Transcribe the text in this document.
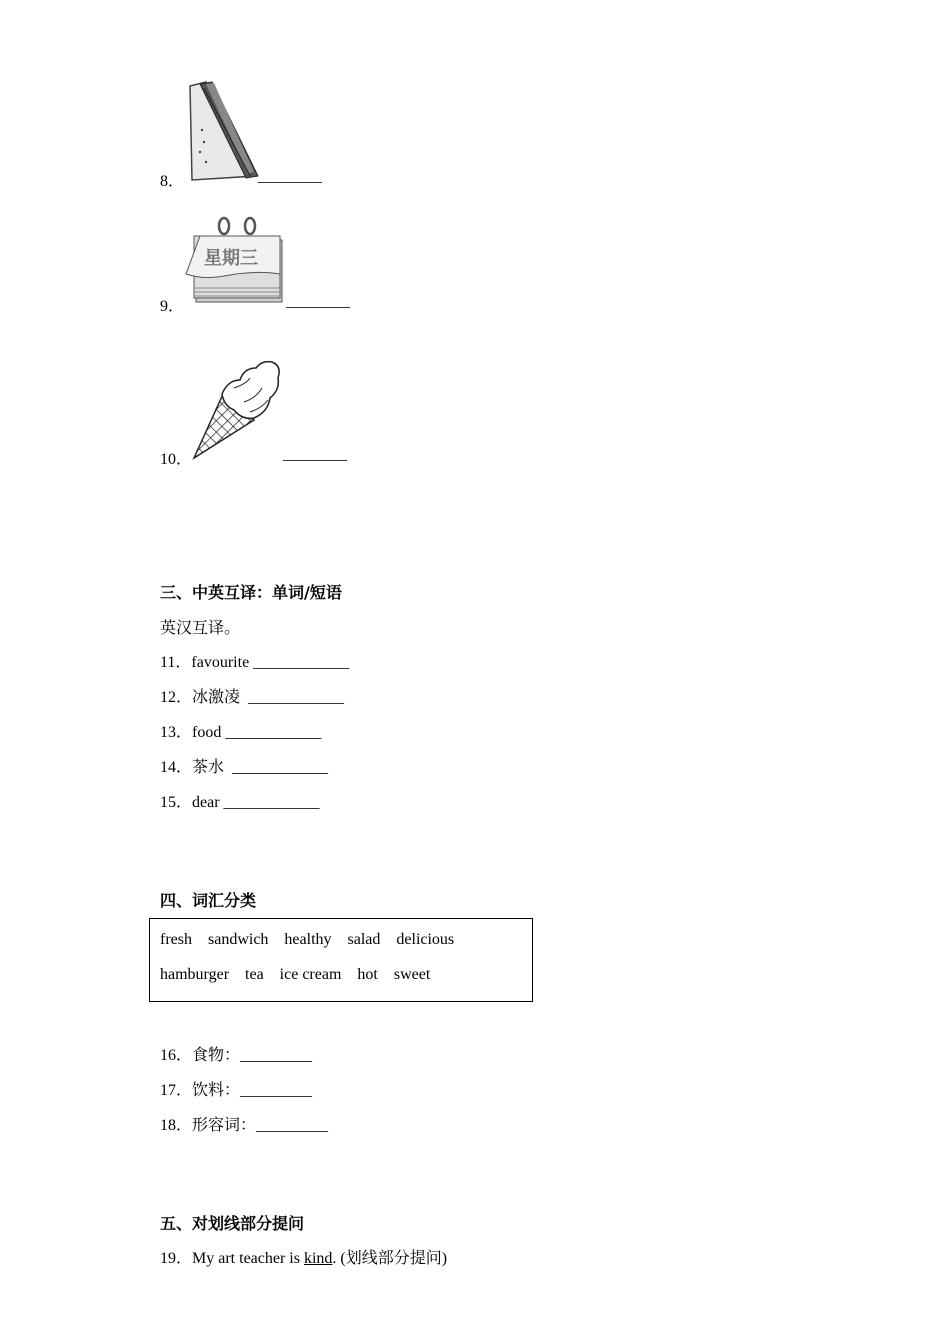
8．	________
星期三
9．	________
10．	________
三、中英互译：单词/短语
英汉互译。
11．favourite ____________
12．冰激凌 ____________
13．food ____________
14．茶水 ____________
15．dear ____________
四、词汇分类
fresh sandwich healthy salad delicious
hamburger tea ice cream hot sweet
16．食物：_________
17．饮料：_________
18．形容词：_________
五、对划线部分提问
19．My art teacher is kind. (划线部分提问)
